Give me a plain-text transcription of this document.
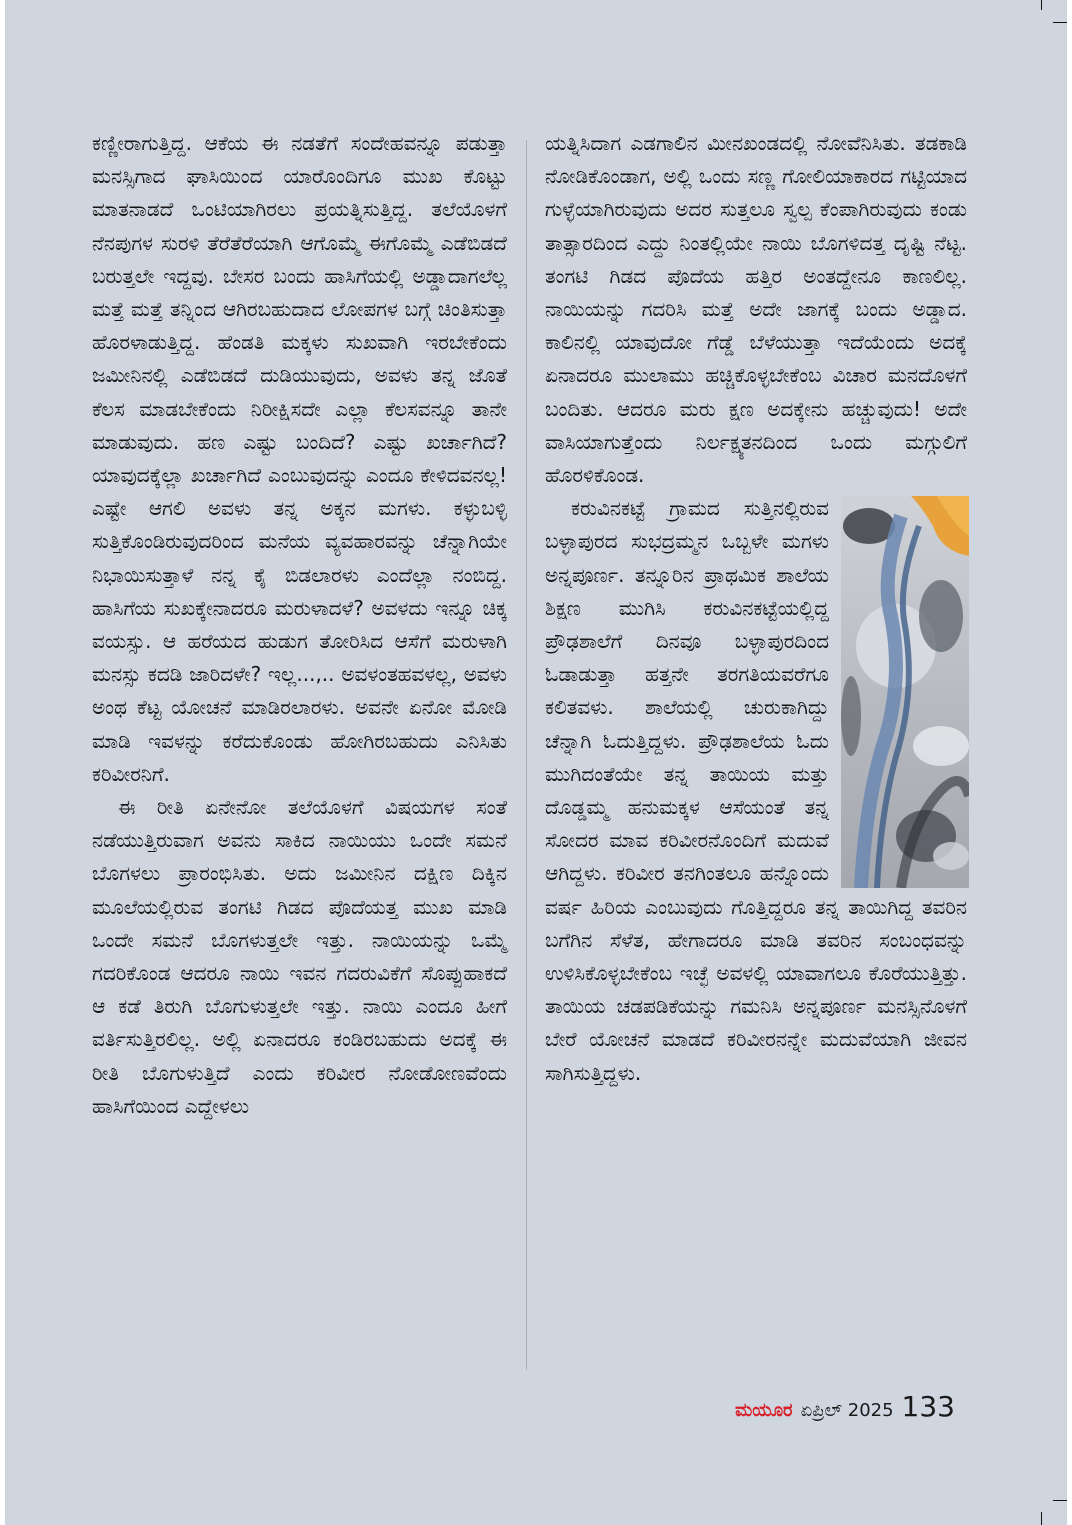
ಕಣ್ಣೀರಾಗುತ್ತಿದ್ದ. ಆಕೆಯ ಈ ನಡತೆಗೆ ಸಂದೇಹವನ್ನೂ ಪಡುತ್ತಾ ಮನಸ್ಸಿಗಾದ ಘಾಸಿಯಿಂದ ಯಾರೊಂದಿಗೂ ಮುಖ ಕೊಟ್ಟು ಮಾತನಾಡದೆ ಒಂಟಿಯಾಗಿರಲು ಪ್ರಯತ್ನಿಸುತ್ತಿದ್ದ. ತಲೆಯೊಳಗೆ ನೆನಪುಗಳ ಸುರಳಿ ತೆರೆತೆರೆಯಾಗಿ ಆಗೊಮ್ಮೆ ಈಗೊಮ್ಮೆ ಎಡೆಬಿಡದೆ ಬರುತ್ತಲೇ ಇದ್ದವು. ಬೇಸರ ಬಂದು ಹಾಸಿಗೆಯಲ್ಲಿ ಅಡ್ಡಾದಾಗಲೆಲ್ಲ ಮತ್ತೆ ಮತ್ತೆ ತನ್ನಿಂದ ಆಗಿರಬಹುದಾದ ಲೋಪಗಳ ಬಗ್ಗೆ ಚಿಂತಿಸುತ್ತಾ ಹೊರಳಾಡುತ್ತಿದ್ದ. ಹೆಂಡತಿ ಮಕ್ಕಳು ಸುಖವಾಗಿ ಇರಬೇಕೆಂದು ಜಮೀನಿನಲ್ಲಿ ಎಡೆಬಿಡದೆ ದುಡಿಯುವುದು, ಅವಳು ತನ್ನ ಜೊತೆ ಕೆಲಸ ಮಾಡಬೇಕೆಂದು ನಿರೀಕ್ಷಿಸದೇ ಎಲ್ಲಾ ಕೆಲಸವನ್ನೂ ತಾನೇ ಮಾಡುವುದು. ಹಣ ಎಷ್ಟು ಬಂದಿದೆ? ಎಷ್ಟು ಖರ್ಚಾಗಿದೆ? ಯಾವುದಕ್ಕೆಲ್ಲಾ ಖರ್ಚಾಗಿದೆ ಎಂಬುವುದನ್ನು ಎಂದೂ ಕೇಳಿದವನಲ್ಲ! ಎಷ್ಟೇ ಆಗಲಿ ಅವಳು ತನ್ನ ಅಕ್ಕನ ಮಗಳು. ಕಳ್ಳುಬಳ್ಳಿ ಸುತ್ತಿಕೊಂಡಿರುವುದರಿಂದ ಮನೆಯ ವ್ಯವಹಾರವನ್ನು ಚೆನ್ನಾಗಿಯೇ ನಿಭಾಯಿಸುತ್ತಾಳೆ ನನ್ನ ಕೈ ಬಿಡಲಾರಳು ಎಂದೆಲ್ಲಾ ನಂಬಿದ್ದ. ಹಾಸಿಗೆಯ ಸುಖಕ್ಕೇನಾದರೂ ಮರುಳಾದಳೆ? ಅವಳದು ಇನ್ನೂ ಚಿಕ್ಕ ವಯಸ್ಸು. ಆ ಹರೆಯದ ಹುಡುಗ ತೋರಿಸಿದ ಆಸೆಗೆ ಮರುಳಾಗಿ ಮನಸ್ಸು ಕದಡಿ ಜಾರಿದಳೇ? ಇಲ್ಲ...,.. ಅವಳಂತಹವಳಲ್ಲ, ಅವಳು ಅಂಥ ಕೆಟ್ಟ ಯೋಚನೆ ಮಾಡಿರಲಾರಳು. ಅವನೇ ಏನೋ ಮೋಡಿ ಮಾಡಿ ಇವಳನ್ನು ಕರೆದುಕೊಂಡು ಹೋಗಿರಬಹುದು ಎನಿಸಿತು ಕರಿವೀರನಿಗೆ.

ಈ ರೀತಿ ಏನೇನೋ ತಲೆಯೊಳಗೆ ವಿಷಯಗಳ ಸಂತೆ ನಡೆಯುತ್ತಿರುವಾಗ ಅವನು ಸಾಕಿದ ನಾಯಿಯು ಒಂದೇ ಸಮನೆ ಬೊಗಳಲು ಪ್ರಾರಂಭಿಸಿತು. ಅದು ಜಮೀನಿನ ದಕ್ಷಿಣ ದಿಕ್ಕಿನ ಮೂಲೆಯಲ್ಲಿರುವ ತಂಗಟಿ ಗಿಡದ ಪೊದೆಯತ್ತ ಮುಖ ಮಾಡಿ ಒಂದೇ ಸಮನೆ ಬೊಗಳುತ್ತಲೇ ಇತ್ತು. ನಾಯಿಯನ್ನು ಒಮ್ಮೆ ಗದರಿಕೊಂಡ ಆದರೂ ನಾಯಿ ಇವನ ಗದರುವಿಕೆಗೆ ಸೊಪ್ಪುಹಾಕದೆ ಆ ಕಡೆ ತಿರುಗಿ ಬೊಗುಳುತ್ತಲೇ ಇತ್ತು. ನಾಯಿ ಎಂದೂ ಹೀಗೆ ವರ್ತಿಸುತ್ತಿರಲಿಲ್ಲ. ಅಲ್ಲಿ ಏನಾದರೂ ಕಂಡಿರಬಹುದು ಅದಕ್ಕೆ ಈ ರೀತಿ ಬೊಗುಳುತ್ತಿದೆ ಎಂದು ಕರಿವೀರ ನೋಡೋಣವೆಂದು ಹಾಸಿಗೆಯಿಂದ ಎದ್ದೇಳಲು

ಯತ್ನಿಸಿದಾಗ ಎಡಗಾಲಿನ ಮೀನಖಂಡದಲ್ಲಿ ನೋವೆನಿಸಿತು. ತಡಕಾಡಿ ನೋಡಿಕೊಂಡಾಗ, ಅಲ್ಲಿ ಒಂದು ಸಣ್ಣ ಗೋಲಿಯಾಕಾರದ ಗಟ್ಟಿಯಾದ ಗುಳ್ಳೆಯಾಗಿರುವುದು ಅದರ ಸುತ್ತಲೂ ಸ್ವಲ್ಪ ಕೆಂಪಾಗಿರುವುದು ಕಂಡು ತಾತ್ಸಾರದಿಂದ ಎದ್ದು ನಿಂತಲ್ಲಿಯೇ ನಾಯಿ ಬೊಗಳಿದತ್ತ ದೃಷ್ಟಿ ನೆಟ್ಟ. ತಂಗಟಿ ಗಿಡದ ಪೊದೆಯ ಹತ್ತಿರ ಅಂತದ್ದೇನೂ ಕಾಣಲಿಲ್ಲ. ನಾಯಿಯನ್ನು ಗದರಿಸಿ ಮತ್ತೆ ಅದೇ ಜಾಗಕ್ಕೆ ಬಂದು ಅಡ್ಡಾದ. ಕಾಲಿನಲ್ಲಿ ಯಾವುದೋ ಗೆಡ್ಡೆ ಬೆಳೆಯುತ್ತಾ ಇದೆಯೆಂದು ಅದಕ್ಕೆ ಏನಾದರೂ ಮುಲಾಮು ಹಚ್ಚಿಕೊಳ್ಳಬೇಕೆಂಬ ವಿಚಾರ ಮನದೊಳಗೆ ಬಂದಿತು. ಆದರೂ ಮರು ಕ್ಷಣ ಅದಕ್ಕೇನು ಹಚ್ಚುವುದು! ಅದೇ ವಾಸಿಯಾಗುತ್ತೆಂದು ನಿರ್ಲಕ್ಷ್ಯತನದಿಂದ ಒಂದು ಮಗ್ಗುಲಿಗೆ ಹೊರಳಿಕೊಂಡ.

ಕರುವಿನಕಟ್ಟೆ ಗ್ರಾಮದ ಸುತ್ತಿನಲ್ಲಿರುವ ಬಳ್ಳಾಪುರದ ಸುಭದ್ರಮ್ಮನ ಒಬ್ಬಳೇ ಮಗಳು ಅನ್ನಪೂರ್ಣ. ತನ್ನೂರಿನ ಪ್ರಾಥಮಿಕ ಶಾಲೆಯ ಶಿಕ್ಷಣ ಮುಗಿಸಿ ಕರುವಿನಕಟ್ಟೆಯಲ್ಲಿದ್ದ ಪ್ರೌಢಶಾಲೆಗೆ ದಿನವೂ ಬಳ್ಳಾಪುರದಿಂದ ಓಡಾಡುತ್ತಾ ಹತ್ತನೇ ತರಗತಿಯವರೆಗೂ ಕಲಿತವಳು. ಶಾಲೆಯಲ್ಲಿ ಚುರುಕಾಗಿದ್ದು ಚೆನ್ನಾಗಿ ಓದುತ್ತಿದ್ದಳು. ಪ್ರೌಢಶಾಲೆಯ ಓದು ಮುಗಿದಂತೆಯೇ ತನ್ನ ತಾಯಿಯ ಮತ್ತು ದೊಡ್ಡಮ್ಮ ಹನುಮಕ್ಕಳ ಆಸೆಯಂತೆ ತನ್ನ ಸೋದರ ಮಾವ ಕರಿವೀರನೊಂದಿಗೆ ಮದುವೆ ಆಗಿದ್ದಳು. ಕರಿವೀರ ತನಗಿಂತಲೂ ಹನ್ನೊಂದು ವರ್ಷ ಹಿರಿಯ ಎಂಬುವುದು ಗೊತ್ತಿದ್ದರೂ ತನ್ನ ತಾಯಿಗಿದ್ದ ತವರಿನ ಬಗೆಗಿನ ಸೆಳೆತ, ಹೇಗಾದರೂ ಮಾಡಿ ತವರಿನ ಸಂಬಂಧವನ್ನು ಉಳಿಸಿಕೊಳ್ಳಬೇಕೆಂಬ ಇಚ್ಛೆ ಅವಳಲ್ಲಿ ಯಾವಾಗಲೂ ಕೊರೆಯುತ್ತಿತ್ತು. ತಾಯಿಯ ಚಡಪಡಿಕೆಯನ್ನು ಗಮನಿಸಿ ಅನ್ನಪೂರ್ಣ ಮನಸ್ಸಿನೊಳಗೆ ಬೇರೆ ಯೋಚನೆ ಮಾಡದೆ ಕರಿವೀರನನ್ನೇ ಮದುವೆಯಾಗಿ ಜೀವನ ಸಾಗಿಸುತ್ತಿದ್ದಳು.

ಮಯೂರ ಏಪ್ರಿಲ್ 2025 133
